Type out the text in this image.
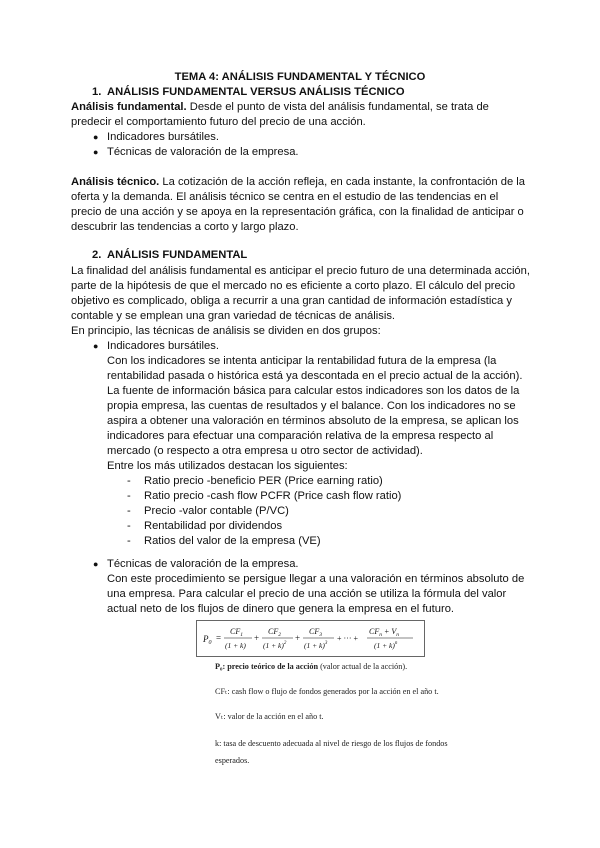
TEMA 4: ANÁLISIS FUNDAMENTAL Y TÉCNICO
1. ANÁLISIS FUNDAMENTAL VERSUS ANÁLISIS TÉCNICO
Análisis fundamental. Desde el punto de vista del análisis fundamental, se trata de
predecir el comportamiento futuro del precio de una acción.
● Indicadores bursátiles.
● Técnicas de valoración de la empresa.
Análisis técnico. La cotización de la acción refleja, en cada instante, la confrontación de la
oferta y la demanda. El análisis técnico se centra en el estudio de las tendencias en el
precio de una acción y se apoya en la representación gráfica, con la finalidad de anticipar o
descubrir las tendencias a corto y largo plazo.
2. ANÁLISIS FUNDAMENTAL
La finalidad del análisis fundamental es anticipar el precio futuro de una determinada acción,
parte de la hipótesis de que el mercado no es eficiente a corto plazo. El cálculo del precio
objetivo es complicado, obliga a recurrir a una gran cantidad de información estadística y
contable y se emplean una gran variedad de técnicas de análisis.
En principio, las técnicas de análisis se dividen en dos grupos:
● Indicadores bursátiles.
Con los indicadores se intenta anticipar la rentabilidad futura de la empresa (la
rentabilidad pasada o histórica está ya descontada en el precio actual de la acción).
La fuente de información básica para calcular estos indicadores son los datos de la
propia empresa, las cuentas de resultados y el balance. Con los indicadores no se
aspira a obtener una valoración en términos absoluto de la empresa, se aplican los
indicadores para efectuar una comparación relativa de la empresa respecto al
mercado (o respecto a otra empresa u otro sector de actividad).
Entre los más utilizados destacan los siguientes:
- Ratio precio -beneficio PER (Price earning ratio)
- Ratio precio -cash flow PCFR (Price cash flow ratio)
- Precio -valor contable (P/VC)
- Rentabilidad por dividendos
- Ratios del valor de la empresa (VE)
● Técnicas de valoración de la empresa.
Con este procedimiento se persigue llegar a una valoración en términos absoluto de
una empresa. Para calcular el precio de una acción se utiliza la fórmula del valor
actual neto de los flujos de dinero que genera la empresa en el futuro.
$P_0$ =
$CF_1$
(1 + k)
+
$CF_2$
$(1 + k)^2$
+
$CF_3$
$(1 + k)^3$
+ ··· +
$CF_n + V_n$
$(1 + k)^n$
P₀: precio teórico de la acción (valor actual de la acción).
CFₜ: cash flow o flujo de fondos generados por la acción en el año t.
Vₜ: valor de la acción en el año t.
k: tasa de descuento adecuada al nivel de riesgo de los flujos de fondos
esperados.
